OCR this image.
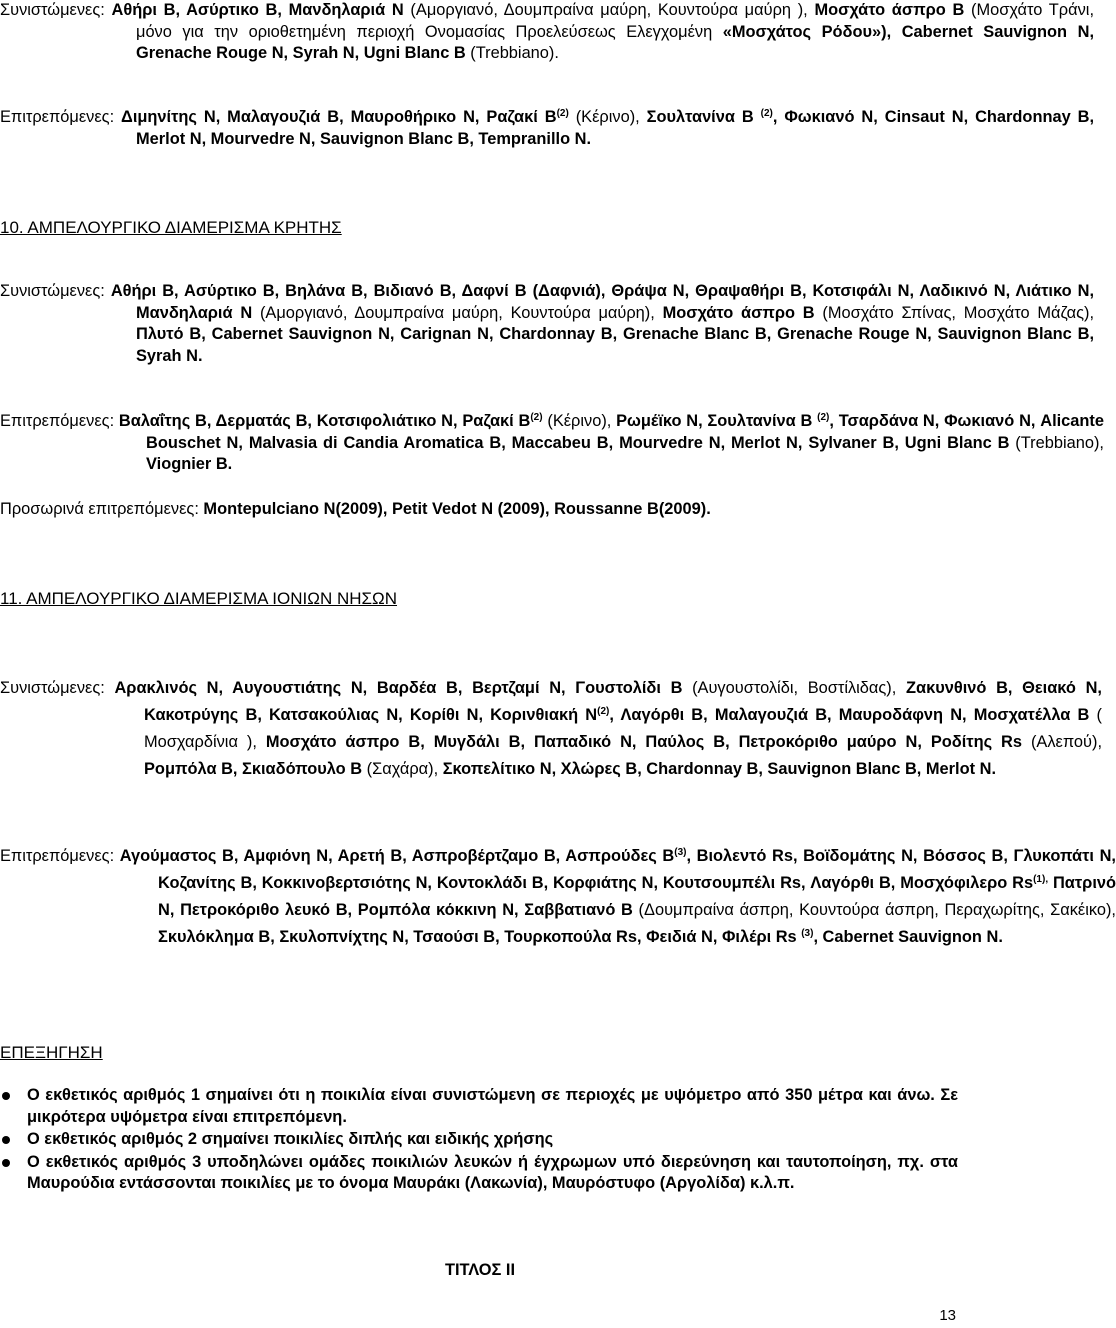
Συνιστώμενες: Αθήρι Β, Ασύρτικο Β, Μανδηλαριά Ν (Αμοργιανό, Δουμπραίνα μαύρη, Κουντούρα μαύρη ), Μοσχάτο άσπρο Β (Μοσχάτο Τράνι, μόνο για την οριοθετημένη περιοχή Ονομασίας Προελεύσεως Ελεγχομένη «Μοσχάτος Ρόδου»), Cabernet Sauvignon N, Grenache Rouge N, Syrah N, Ugni Blanc B (Trebbiano).

Επιτρεπόμενες: Διμηνίτης Ν, Μαλαγουζιά Β, Μαυροθήρικο Ν, Ραζακί $B^{(2)}$ (Κέρινο), Σουλτανίνα Β $^{(2)}$, Φωκιανό N, Cinsaut N, Chardonnay B, Merlot N, Mourvedre N, Sauvignon Blanc B, Tempranillo N.

10. ΑΜΠΕΛΟΥΡΓΙΚΟ ΔΙΑΜΕΡΙΣΜΑ ΚΡΗΤΗΣ

Συνιστώμενες: Αθήρι Β, Ασύρτικο Β, Βηλάνα Β, Βιδιανό Β, Δαφνί Β (Δαφνιά), Θράψα Ν, Θραψαθήρι Β, Κοτσιφάλι Ν, Λαδικινό Ν, Λιάτικο Ν, Μανδηλαριά Ν (Αμοργιανό, Δουμπραίνα μαύρη, Κουντούρα μαύρη), Μοσχάτο άσπρο Β (Μοσχάτο Σπίνας, Μοσχάτο Μάζας), Πλυτό Β, Cabernet Sauvignon N, Carignan N, Chardonnay B, Grenache Blanc B, Grenache Rouge N, Sauvignon Blanc B, Syrah N.

Επιτρεπόμενες: Βαλαΐτης Β, Δερματάς Β, Κοτσιφολιάτικο Ν, Ραζακί $B^{(2)}$ (Κέρινο), Ρωμέϊκο Ν, Σουλτανίνα Β $^{(2)}$, Τσαρδάνα Ν, Φωκιανό Ν, Alicante Bouschet N, Malvasia di Candia Aromatica B, Maccabeu B, Mourvedre N, Merlot N, Sylvaner B, Ugni Blanc B (Trebbiano), Viognier B.

Προσωρινά επιτρεπόμενες: Montepulciano N(2009), Petit Vedot N (2009), Roussanne B(2009).

11. ΑΜΠΕΛΟΥΡΓΙΚΟ ΔΙΑΜΕΡΙΣΜΑ ΙΟΝΙΩΝ ΝΗΣΩΝ

Συνιστώμενες: Αρακλινός Ν, Αυγουστιάτης Ν, Βαρδέα Β, Βερτζαμί Ν, Γουστολίδι Β (Αυγουστολίδι, Βοστίλιδας), Ζακυνθινό Β, Θειακό Ν, Κακοτρύγης Β, Κατσακούλιας Ν, Κορίθι Ν, Κορινθιακή $N^{(2)}$, Λαγόρθι Β, Μαλαγουζιά Β, Μαυροδάφνη Ν, Μοσχατέλλα Β ( Μοσχαρδίνια ), Μοσχάτο άσπρο Β, Μυγδάλι Β, Παπαδικό Ν, Παύλος Β, Πετροκόριθο μαύρο Ν, Ροδίτης Rs (Αλεπού), Ρομπόλα Β, Σκιαδόπουλο Β (Σαχάρα), Σκοπελίτικο Ν, Χλώρες Β, Chardonnay B, Sauvignon Blanc B, Merlot N.

Επιτρεπόμενες: Αγούμαστος Β, Αμφιόνη Ν, Αρετή Β, Ασπροβέρτζαμο Β, Ασπρούδες $B^{(3)}$, Βιολεντό Rs, Βοϊδομάτης Ν, Βόσσος Β, Γλυκοπάτι Ν, Κοζανίτης Β, Κοκκινοβερτσιότης Ν, Κοντοκλάδι Β, Κορφιάτης Ν, Κουτσουμπέλι Rs, Λαγόρθι Β, Μοσχόφιλερο $Rs^{(1),}$ Πατρινό Ν, Πετροκόριθο λευκό Β, Ρομπόλα κόκκινη Ν, Σαββατιανό Β (Δουμπραίνα άσπρη, Κουντούρα άσπρη, Περαχωρίτης, Σακέικο), Σκυλόκλημα Β, Σκυλοπνίχτης Ν, Τσαούσι Β, Τουρκοπούλα Rs, Φειδιά Ν, Φιλέρι Rs $^{(3)}$, Cabernet Sauvignon N.

ΕΠΕΞΗΓΗΣΗ
Ο εκθετικός αριθμός 1 σημαίνει ότι η ποικιλία είναι συνιστώμενη σε περιοχές με υψόμετρο από 350 μέτρα και άνω. Σε μικρότερα υψόμετρα είναι επιτρεπόμενη.
Ο εκθετικός αριθμός 2 σημαίνει ποικιλίες διπλής και ειδικής χρήσης
Ο εκθετικός αριθμός 3 υποδηλώνει ομάδες ποικιλιών λευκών ή έγχρωμων υπό διερεύνηση και ταυτοποίηση, πχ. στα Μαυρούδια εντάσσονται ποικιλίες με το όνομα Μαυράκι (Λακωνία), Μαυρόστυφο (Αργολίδα) κ.λ.π.
ΤΙΤΛΟΣ ΙΙ
13
